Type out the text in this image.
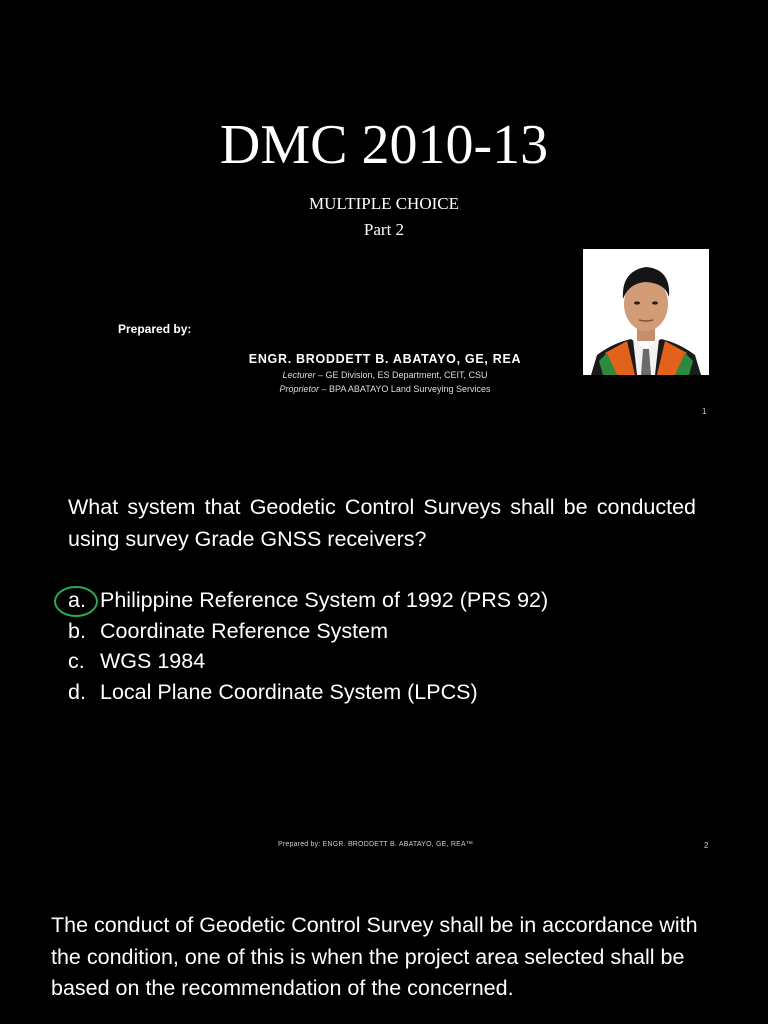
DMC 2010-13
MULTIPLE CHOICE
Part 2
Prepared by:
ENGR. BRODDETT B. ABATAYO, GE, REA
Lecturer – GE Division, ES Department, CEIT, CSU
Proprietor – BPA ABATAYO Land Surveying Services
1
What system that Geodetic Control Surveys shall be conducted using survey Grade GNSS receivers?
a. Philippine Reference System of 1992 (PRS 92)
b. Coordinate Reference System
c. WGS 1984
d. Local Plane Coordinate System (LPCS)
Prepared by: ENGR. BRODDETT B. ABATAYO, GE, REA™	2
The conduct of Geodetic Control Survey shall be in accordance with the condition, one of this is when the project area selected shall be based on the recommendation of the concerned.
